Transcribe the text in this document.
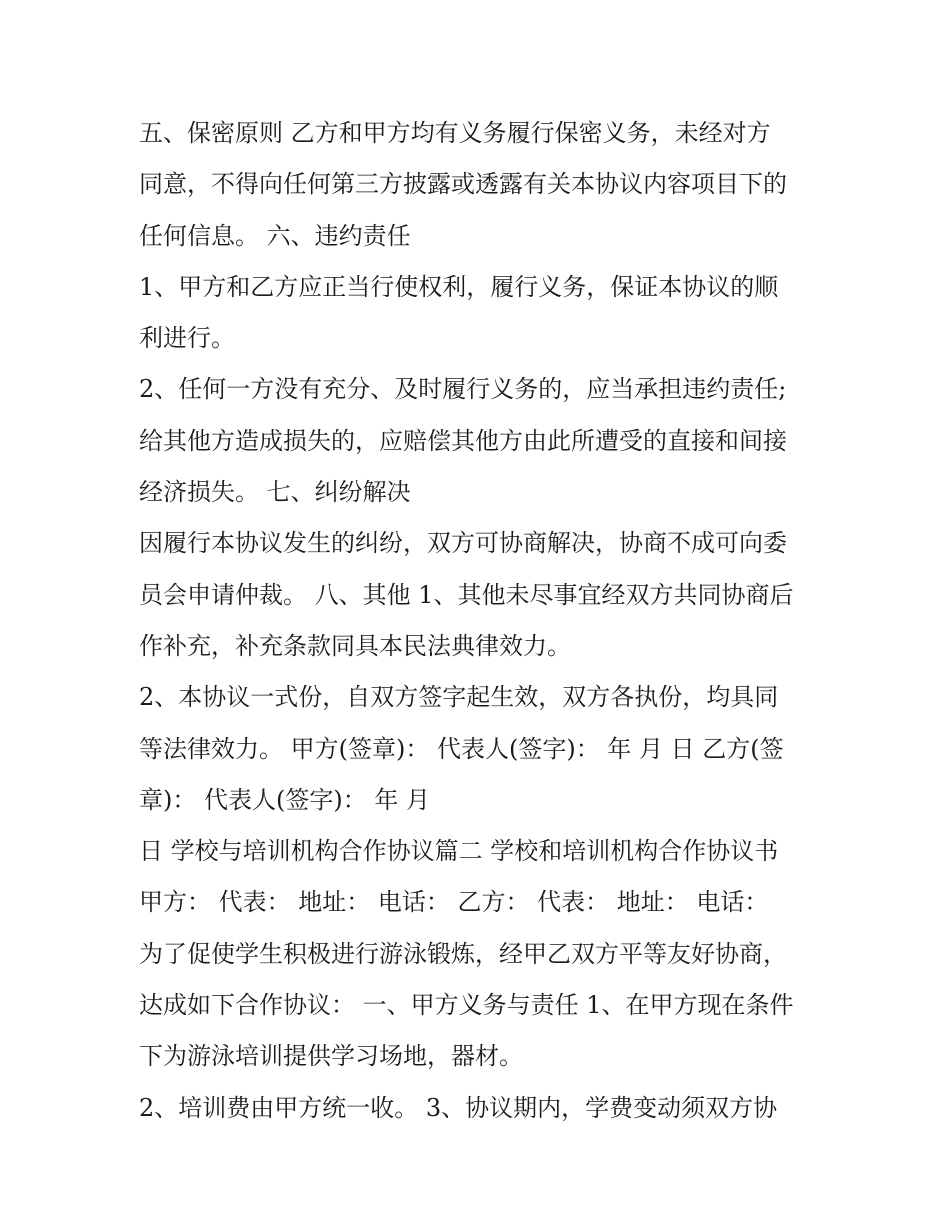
五、保密原则 乙方和甲方均有义务履行保密义务，未经对方
同意，不得向任何第三方披露或透露有关本协议内容项目下的
任何信息。 六、违约责任
1、甲方和乙方应正当行使权利，履行义务，保证本协议的顺
利进行。
2、任何一方没有充分、及时履行义务的，应当承担违约责任;
给其他方造成损失的，应赔偿其他方由此所遭受的直接和间接
经济损失。 七、纠纷解决
因履行本协议发生的纠纷，双方可协商解决，协商不成可向委
员会申请仲裁。 八、其他 1、其他未尽事宜经双方共同协商后
作补充，补充条款同具本民法典律效力。
2、本协议一式份，自双方签字起生效，双方各执份，均具同
等法律效力。 甲方(签章)： 代表人(签字)： 年 月 日 乙方(签
章)： 代表人(签字)： 年 月
日 学校与培训机构合作协议篇二 学校和培训机构合作协议书
甲方： 代表： 地址： 电话： 乙方： 代表： 地址： 电话：
为了促使学生积极进行游泳锻炼，经甲乙双方平等友好协商，
达成如下合作协议： 一、甲方义务与责任 1、在甲方现在条件
下为游泳培训提供学习场地，器材。
2、培训费由甲方统一收。 3、协议期内，学费变动须双方协
